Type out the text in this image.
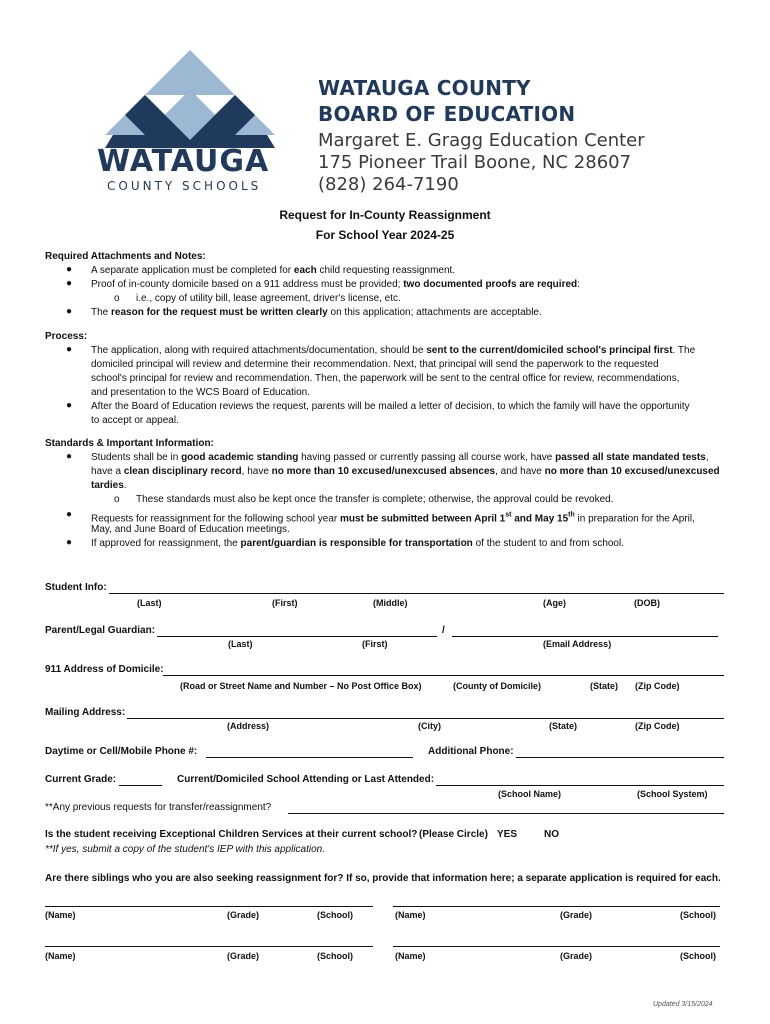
WATAUGA
COUNTY SCHOOLS
WATAUGA COUNTY
BOARD OF EDUCATION
Margaret E. Gragg Education Center
175 Pioneer Trail Boone, NC 28607
(828) 264-7190
Request for In-County Reassignment
For School Year 2024-25
Required Attachments and Notes:
● A separate application must be completed for each child requesting reassignment.
● Proof of in-county domicile based on a 911 address must be provided; two documented proofs are required:
o i.e., copy of utility bill, lease agreement, driver's license, etc.
● The reason for the request must be written clearly on this application; attachments are acceptable.
Process:
● The application, along with required attachments/documentation, should be sent to the current/domiciled school's principal first. The
domiciled principal will review and determine their recommendation. Next, that principal will send the paperwork to the requested
school's principal for review and recommendation. Then, the paperwork will be sent to the central office for review, recommendations,
and presentation to the WCS Board of Education.
● After the Board of Education reviews the request, parents will be mailed a letter of decision, to which the family will have the opportunity
to accept or appeal.
Standards & Important Information:
● Students shall be in good academic standing having passed or currently passing all course work, have passed all state mandated tests,
have a clean disciplinary record, have no more than 10 excused/unexcused absences, and have no more than 10 excused/unexcused
tardies.
o These standards must also be kept once the transfer is complete; otherwise, the approval could be revoked.
● Requests for reassignment for the following school year must be submitted between April 1st and May 15th in preparation for the April,
May, and June Board of Education meetings.
● If approved for reassignment, the parent/guardian is responsible for transportation of the student to and from school.
Student Info:
(Last)	(First)	(Middle)	(Age)	(DOB)
Parent/Legal Guardian:	/
(Last)	(First)	(Email Address)
911 Address of Domicile:
(Road or Street Name and Number – No Post Office Box)	(County of Domicile)	(State) (Zip Code)
Mailing Address:
(Address)	(City)	(State)	(Zip Code)
Daytime or Cell/Mobile Phone #:	Additional Phone:
Current Grade:	Current/Domiciled School Attending or Last Attended:
(School Name)	(School System)
**Any previous requests for transfer/reassignment?
Is the student receiving Exceptional Children Services at their current school? (Please Circle) YES	NO
**If yes, submit a copy of the student's IEP with this application.
Are there siblings who you are also seeking reassignment for? If so, provide that information here; a separate application is required for each.
(Name)	(Grade)	(School)	(Name)	(Grade)	(School)
(Name)	(Grade)	(School)	(Name)	(Grade)	(School)
Updated 3/15/2024
